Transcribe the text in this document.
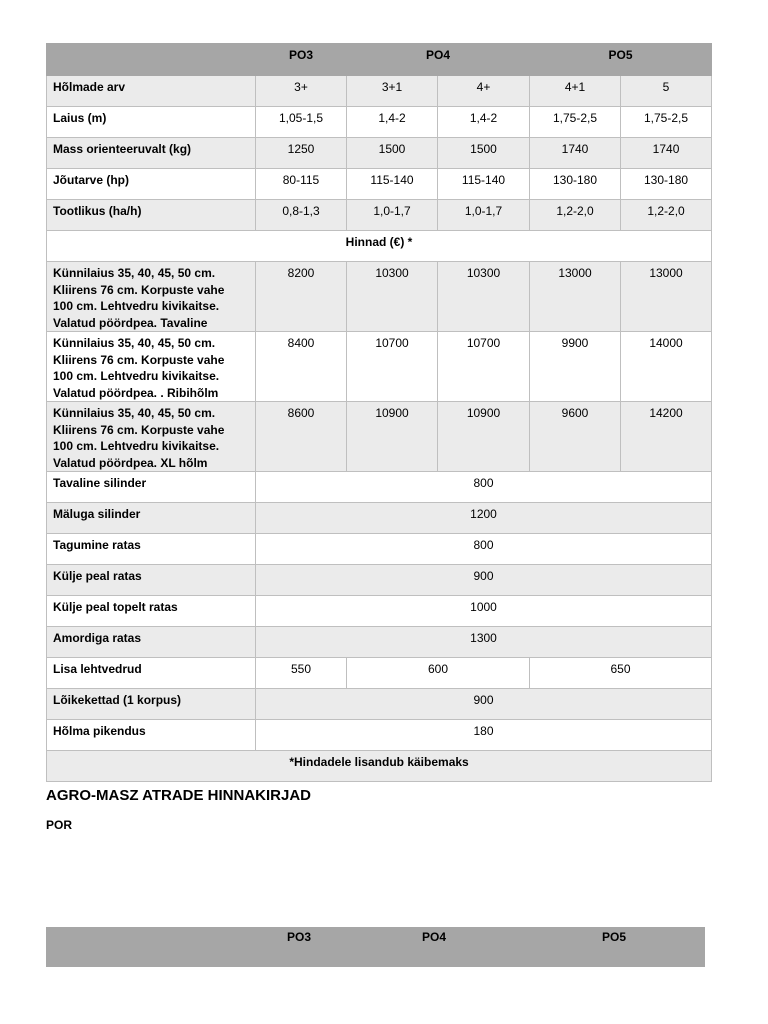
	PO3	PO4		PO5	
Hõlmade arv	3+	3+1	4+	4+1	5
Laius (m)	1,05-1,5	1,4-2	1,4-2	1,75-2,5	1,75-2,5
Mass orienteeruvalt (kg)	1250	1500	1500	1740	1740
Jõutarve (hp)	80-115	115-140	115-140	130-180	130-180
Tootlikus (ha/h)	0,8-1,3	1,0-1,7	1,0-1,7	1,2-2,0	1,2-2,0
Hinnad (€) *					
Künnilaius 35, 40, 45, 50 cm.
Kliirens 76 cm. Korpuste vahe
100 cm. Lehtvedru kivikaitse.
Valatud pöördpea. Tavaline	8200	10300	10300	13000	13000
Künnilaius 35, 40, 45, 50 cm.
Kliirens 76 cm. Korpuste vahe
100 cm. Lehtvedru kivikaitse.
Valatud pöördpea. . Ribihõlm	8400	10700	10700	9900	14000
Künnilaius 35, 40, 45, 50 cm.
Kliirens 76 cm. Korpuste vahe
100 cm. Lehtvedru kivikaitse.
Valatud pöördpea. XL hõlm	8600	10900	10900	9600	14200
Tavaline silinder	800				
Mäluga silinder	1200				
Tagumine ratas	800				
Külje peal ratas	900				
Külje peal topelt ratas	1000				
Amordiga ratas	1300				
Lisa lehtvedrud	550	600		650	
Lõikekettad (1 korpus)	900				
Hõlma pikendus	180				
*Hindadele lisandub käibemaks					
AGRO-MASZ ATRADE HINNAKIRJAD
POR
PO3	PO4	PO5
